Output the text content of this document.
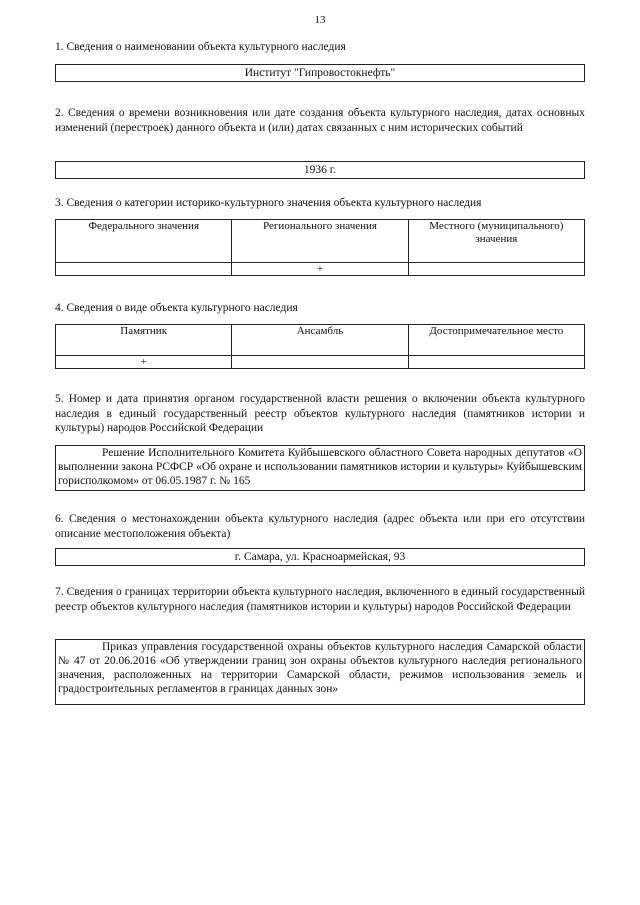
13
1. Сведения о наименовании объекта культурного наследия
Институт "Гипровостокнефть"
2. Сведения о времени возникновения или дате создания объекта культурного наследия, датах основных изменений (перестроек) данного объекта и (или) датах связанных с ним исторических событий
1936 г.
3. Сведения о категории историко-культурного значения объекта культурного наследия
Федерального значения	Регионального значения	Местного (муниципального) значения
	+	
4. Сведения о виде объекта культурного наследия
Памятник	Ансамбль	Достопримечательное место
+		
5. Номер и дата принятия органом государственной власти решения о включении объекта культурного наследия в единый государственный реестр объектов культурного наследия (памятников истории и культуры) народов Российской Федерации
Решение Исполнительного Комитета Куйбышевского областного Совета народных депутатов «О выполнении закона РСФСР «Об охране и использовании памятников истории и культуры» Куйбышевским горисполкомом» от 06.05.1987 г. № 165
6. Сведения о местонахождении объекта культурного наследия (адрес объекта или при его отсутствии описание местоположения объекта)
г. Самара, ул. Красноармейская, 93
7. Сведения о границах территории объекта культурного наследия, включенного в единый государственный реестр объектов культурного наследия (памятников истории и культуры) народов Российской Федерации
Приказ управления государственной охраны объектов культурного наследия Самарской области № 47 от 20.06.2016 «Об утверждении границ зон охраны объектов культурного наследия регионального значения, расположенных на территории Самарской области, режимов использования земель и градостроительных регламентов в границах данных зон»
